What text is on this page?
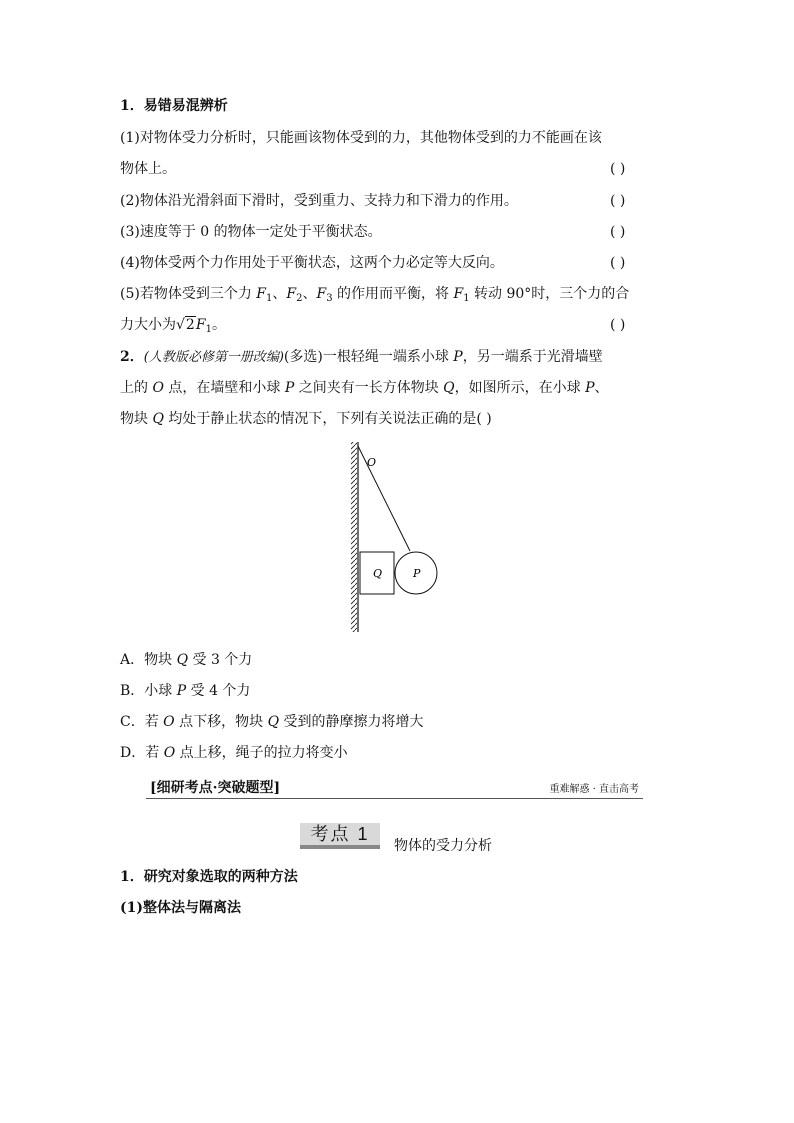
1．易错易混辨析
(1)对物体受力分析时，只能画该物体受到的力，其他物体受到的力不能画在该
物体上。	( )
(2)物体沿光滑斜面下滑时，受到重力、支持力和下滑力的作用。	( )
(3)速度等于 0 的物体一定处于平衡状态。	( )
(4)物体受两个力作用处于平衡状态，这两个力必定等大反向。	( )
(5)若物体受到三个力 $F_1$、$F_2$、$F_3$ 的作用而平衡，将 $F_1$ 转动 90°时，三个力的合
力大小为$√2F_1$。	( )
2．(人教版必修第一册改编)(多选)一根轻绳一端系小球 P，另一端系于光滑墙壁
上的 O 点，在墙壁和小球 P 之间夹有一长方体物块 Q，如图所示，在小球 P、
物块 Q 均处于静止状态的情况下，下列有关说法正确的是( )
O
Q	P
A．物块 Q 受 3 个力
B．小球 P 受 4 个力
C．若 O 点下移，物块 Q 受到的静摩擦力将增大
D．若 O 点上移，绳子的拉力将变小
[细研考点·突破题型]	重难解惑 · 直击高考
考点 1
物体的受力分析
1．研究对象选取的两种方法
(1)整体法与隔离法
